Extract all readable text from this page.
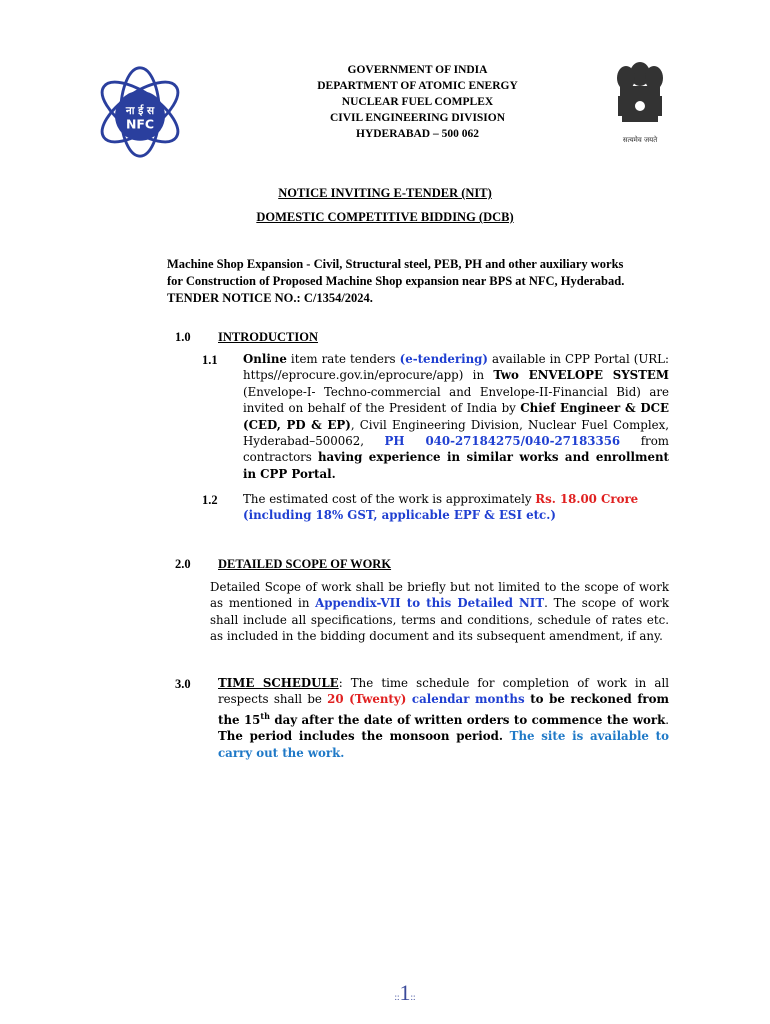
ना ई स
NFC
सत्यमेव जयते
GOVERNMENT OF INDIA
DEPARTMENT OF ATOMIC ENERGY
NUCLEAR FUEL COMPLEX
CIVIL ENGINEERING DIVISION
HYDERABAD – 500 062
NOTICE INVITING E-TENDER (NIT)
DOMESTIC COMPETITIVE BIDDING (DCB)
Machine Shop Expansion - Civil, Structural steel, PEB, PH and other auxiliary works
for Construction of Proposed Machine Shop expansion near BPS at NFC, Hyderabad.
TENDER NOTICE NO.: C/1354/2024.
1.0 INTRODUCTION
1.1 Online item rate tenders (e-tendering) available in CPP Portal (URL: https//eprocure.gov.in/eprocure/app) in Two ENVELOPE SYSTEM (Envelope-I- Techno-commercial and Envelope-II-Financial Bid) are invited on behalf of the President of India by Chief Engineer & DCE (CED, PD & EP), Civil Engineering Division, Nuclear Fuel Complex, Hyderabad–500062, PH 040-27184275/040-27183356 from contractors having experience in similar works and enrollment in CPP Portal.
1.2 The estimated cost of the work is approximately Rs. 18.00 Crore
(including 18% GST, applicable EPF & ESI etc.)
2.0 DETAILED SCOPE OF WORK
Detailed Scope of work shall be briefly but not limited to the scope of work as mentioned in Appendix-VII to this Detailed NIT. The scope of work shall include all specifications, terms and conditions, schedule of rates etc. as included in the bidding document and its subsequent amendment, if any.
3.0 TIME SCHEDULE: The time schedule for completion of work in all respects shall be 20 (Twenty) calendar months to be reckoned from the 15th day after the date of written orders to commence the work. The period includes the monsoon period. The site is available to carry out the work.
::1::
